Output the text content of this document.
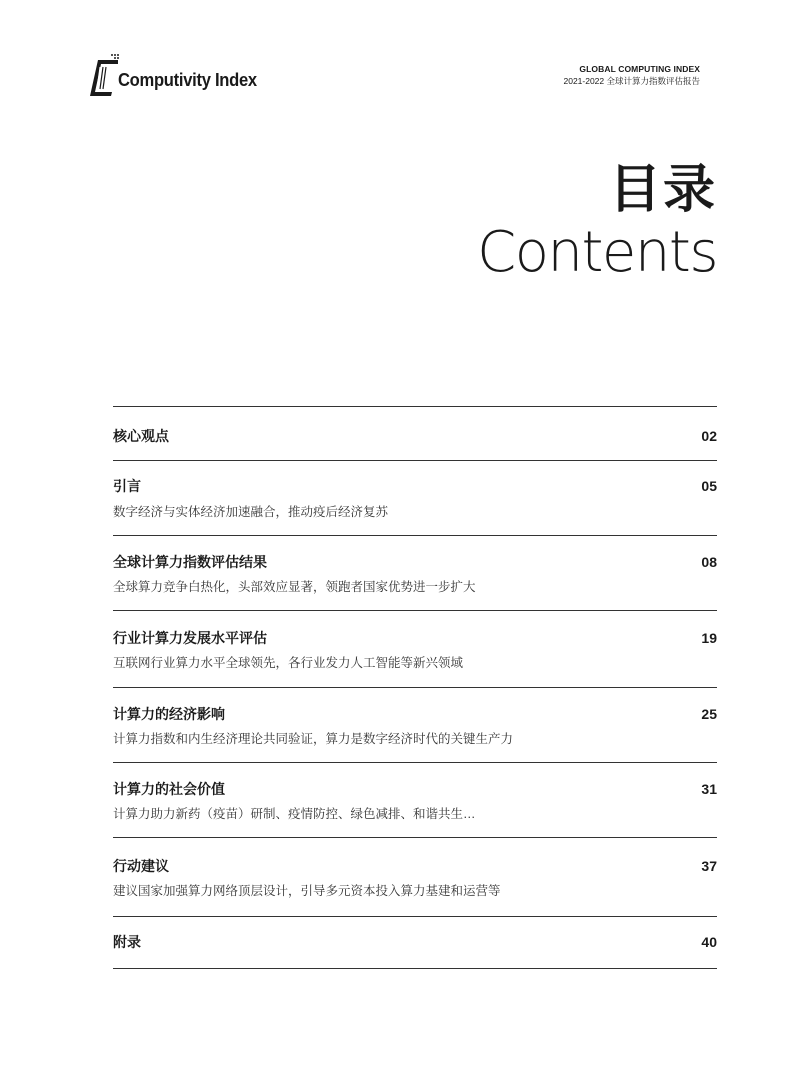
Computivity Index
GLOBAL COMPUTING INDEX
2021-2022 全球计算力指数评估报告
目录
Contents
核心观点	02
引言	05
数字经济与实体经济加速融合，推动疫后经济复苏
全球计算力指数评估结果	08
全球算力竞争白热化，头部效应显著，领跑者国家优势进一步扩大
行业计算力发展水平评估	19
互联网行业算力水平全球领先，各行业发力人工智能等新兴领域
计算力的经济影响	25
计算力指数和内生经济理论共同验证，算力是数字经济时代的关键生产力
计算力的社会价值	31
计算力助力新药（疫苗）研制、疫情防控、绿色减排、和谐共生…
行动建议	37
建议国家加强算力网络顶层设计，引导多元资本投入算力基建和运营等
附录	40
